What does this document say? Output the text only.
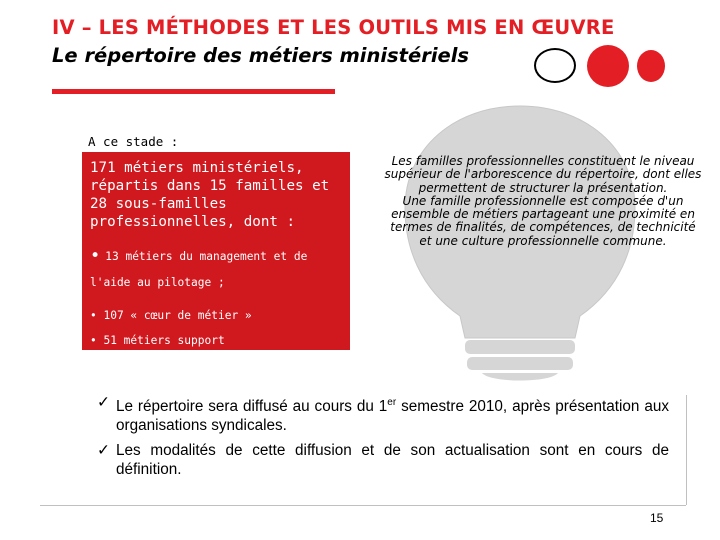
IV – LES MÉTHODES ET LES OUTILS MIS EN ŒUVRE
Le répertoire des métiers ministériels
A ce stade :

171 métiers ministériels, répartis dans 15 familles et 28 sous-familles professionnelles, dont :

• 13 métiers du management et de l'aide au pilotage ;
• 107 « cœur de métier »
• 51 métiers support
Les familles professionnelles constituent le niveau supérieur de l'arborescence du répertoire, dont elles permettent de structurer la présentation.
Une famille professionnelle est composée d'un ensemble de métiers partageant une proximité en termes de finalités, de compétences, de technicité et une culture professionnelle commune.
✓ Le répertoire sera diffusé au cours du 1er semestre 2010, après présentation aux organisations syndicales.
✓ Les modalités de cette diffusion et de son actualisation sont en cours de définition.
15
